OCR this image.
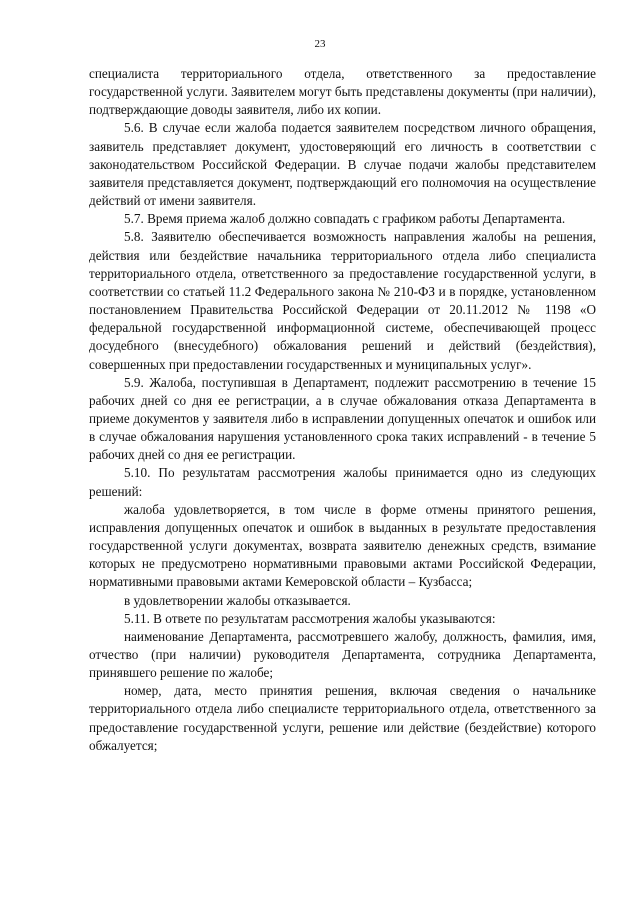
23

специалиста территориального отдела, ответственного за предоставление государственной услуги. Заявителем могут быть представлены документы (при наличии), подтверждающие доводы заявителя, либо их копии.

5.6. В случае если жалоба подается заявителем посредством личного обращения, заявитель представляет документ, удостоверяющий его личность в соответствии с законодательством Российской Федерации. В случае подачи жалобы представителем заявителя представляется документ, подтверждающий его полномочия на осуществление действий от имени заявителя.

5.7. Время приема жалоб должно совпадать с графиком работы Департамента.

5.8. Заявителю обеспечивается возможность направления жалобы на решения, действия или бездействие начальника территориального отдела либо специалиста территориального отдела, ответственного за предоставление государственной услуги, в соответствии со статьей 11.2 Федерального закона № 210-ФЗ и в порядке, установленном постановлением Правительства Российской Федерации от 20.11.2012 № 1198 «О федеральной государственной информационной системе, обеспечивающей процесс досудебного (внесудебного) обжалования решений и действий (бездействия), совершенных при предоставлении государственных и муниципальных услуг».

5.9. Жалоба, поступившая в Департамент, подлежит рассмотрению в течение 15 рабочих дней со дня ее регистрации, а в случае обжалования отказа Департамента в приеме документов у заявителя либо в исправлении допущенных опечаток и ошибок или в случае обжалования нарушения установленного срока таких исправлений - в течение 5 рабочих дней со дня ее регистрации.

5.10. По результатам рассмотрения жалобы принимается одно из следующих решений:

жалоба удовлетворяется, в том числе в форме отмены принятого решения, исправления допущенных опечаток и ошибок в выданных в результате предоставления государственной услуги документах, возврата заявителю денежных средств, взимание которых не предусмотрено нормативными правовыми актами Российской Федерации, нормативными правовыми актами Кемеровской области – Кузбасса;

в удовлетворении жалобы отказывается.

5.11. В ответе по результатам рассмотрения жалобы указываются:

наименование Департамента, рассмотревшего жалобу, должность, фамилия, имя, отчество (при наличии) руководителя Департамента, сотрудника Департамента, принявшего решение по жалобе;

номер, дата, место принятия решения, включая сведения о начальнике территориального отдела либо специалисте территориального отдела, ответственного за предоставление государственной услуги, решение или действие (бездействие) которого обжалуется;
